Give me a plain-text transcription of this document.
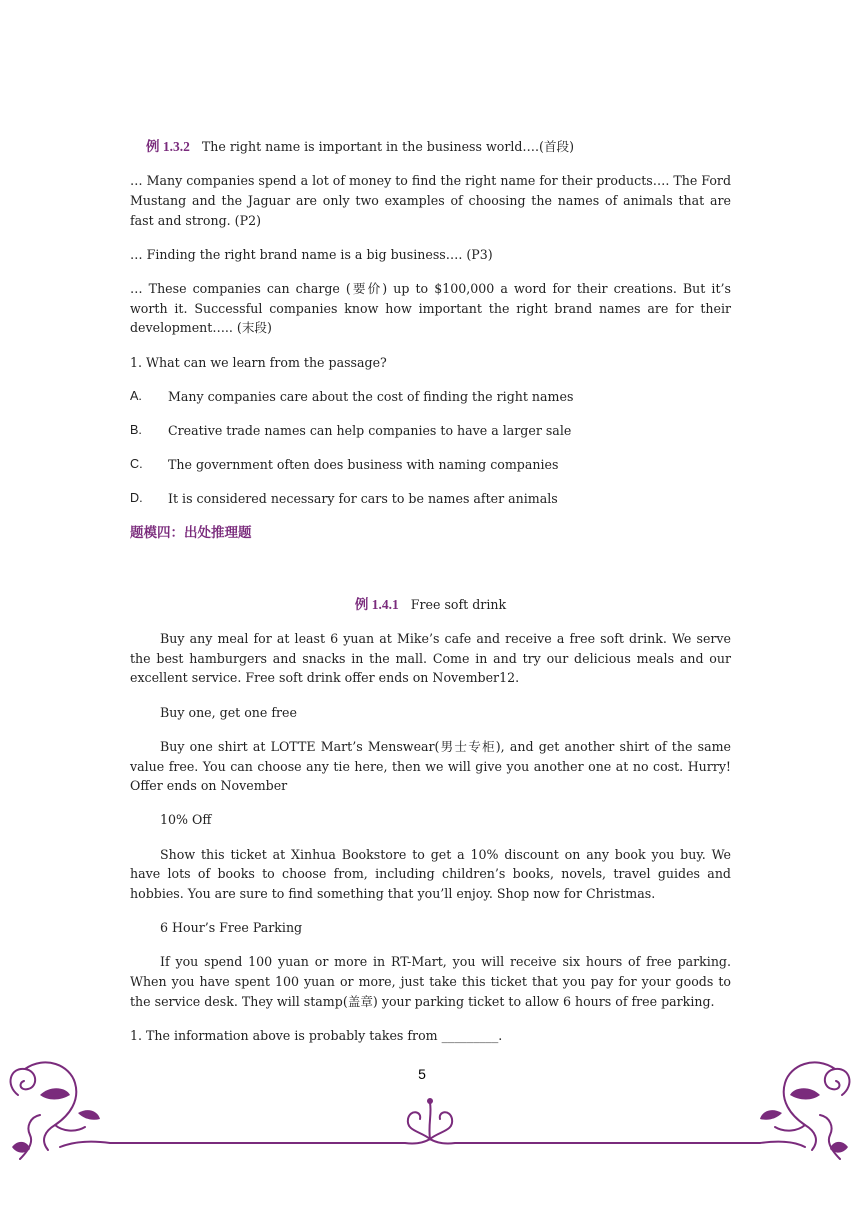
例 1.3.2 The right name is important in the business world….(首段)

… Many companies spend a lot of money to find the right name for their products…. The Ford Mustang and the Jaguar are only two examples of choosing the names of animals that are fast and strong. (P2)

… Finding the right brand name is a big business…. (P3)

… These companies can charge (要价) up to $100,000 a word for their creations. But it’s worth it. Successful companies know how important the right brand names are for their development….. (末段)

1. What can we learn from the passage?

A.	Many companies care about the cost of finding the right names

B.	Creative trade names can help companies to have a larger sale

C.	The government often does business with naming companies

D.	It is considered necessary for cars to be names after animals

题模四：出处推理题

例 1.4.1 Free soft drink

Buy any meal for at least 6 yuan at Mike’s cafe and receive a free soft drink. We serve the best hamburgers and snacks in the mall. Come in and try our delicious meals and our excellent service. Free soft drink offer ends on November12.

Buy one, get one free

Buy one shirt at LOTTE Mart’s Menswear(男士专柜), and get another shirt of the same value free. You can choose any tie here, then we will give you another one at no cost. Hurry! Offer ends on November

10% Off

Show this ticket at Xinhua Bookstore to get a 10% discount on any book you buy. We have lots of books to choose from, including children’s books, novels, travel guides and hobbies. You are sure to find something that you’ll enjoy. Shop now for Christmas.

6 Hour’s Free Parking

If you spend 100 yuan or more in RT-Mart, you will receive six hours of free parking. When you have spent 100 yuan or more, just take this ticket that you pay for your goods to the service desk. They will stamp(盖章) your parking ticket to allow 6 hours of free parking.

1. The information above is probably takes from _________.

5
